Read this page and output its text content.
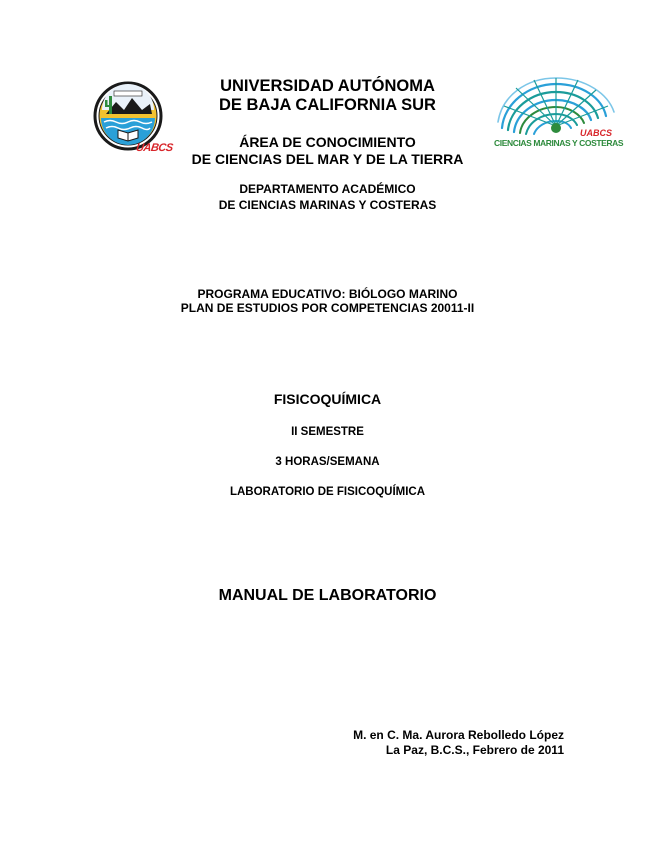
UABCS
UABCS
CIENCIAS MARINAS Y COSTERAS
UNIVERSIDAD AUTÓNOMA
DE BAJA CALIFORNIA SUR
ÁREA DE CONOCIMIENTO
DE CIENCIAS DEL MAR Y DE LA TIERRA
DEPARTAMENTO ACADÉMICO
DE CIENCIAS MARINAS Y COSTERAS
PROGRAMA EDUCATIVO: BIÓLOGO MARINO
PLAN DE ESTUDIOS POR COMPETENCIAS 20011-II
FISICOQUÍMICA
II SEMESTRE
3 HORAS/SEMANA
LABORATORIO DE FISICOQUÍMICA
MANUAL DE LABORATORIO
M. en C. Ma. Aurora Rebolledo López
La Paz, B.C.S., Febrero de 2011
